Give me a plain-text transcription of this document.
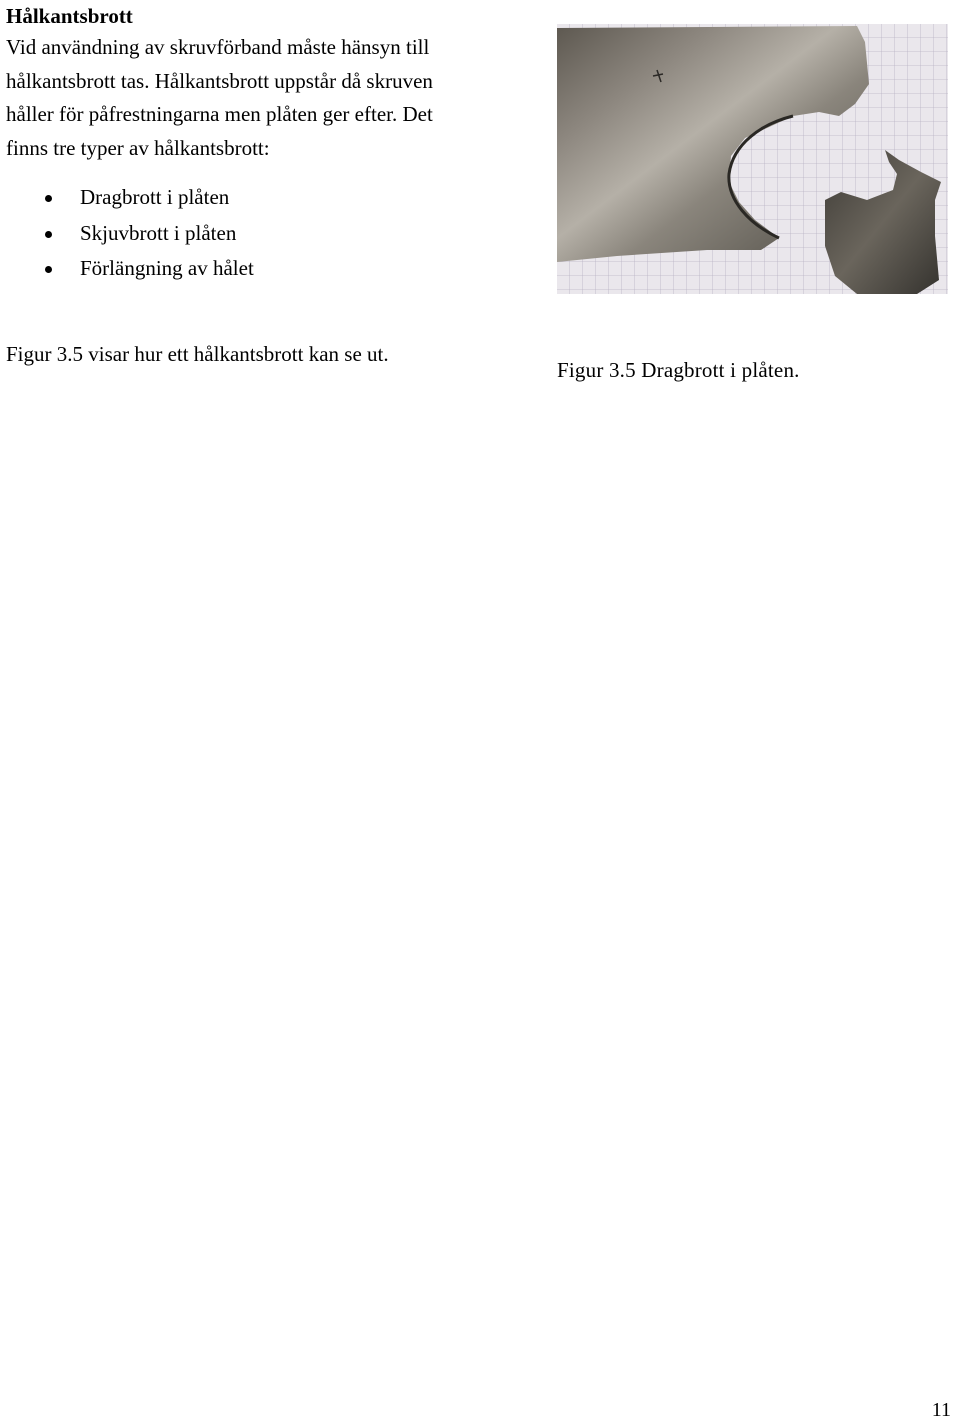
Hålkantsbrott

Vid användning av skruvförband måste hänsyn till
hålkantsbrott tas. Hålkantsbrott uppstår då skruven
håller för påfrestningarna men plåten ger efter. Det
finns tre typer av hålkantsbrott:

Dragbrott i plåten
Skjuvbrott i plåten
Förlängning av hålet
Figur 3.5 visar hur ett hålkantsbrott kan se ut.
Figur 3.5 Dragbrott i plåten.
11
